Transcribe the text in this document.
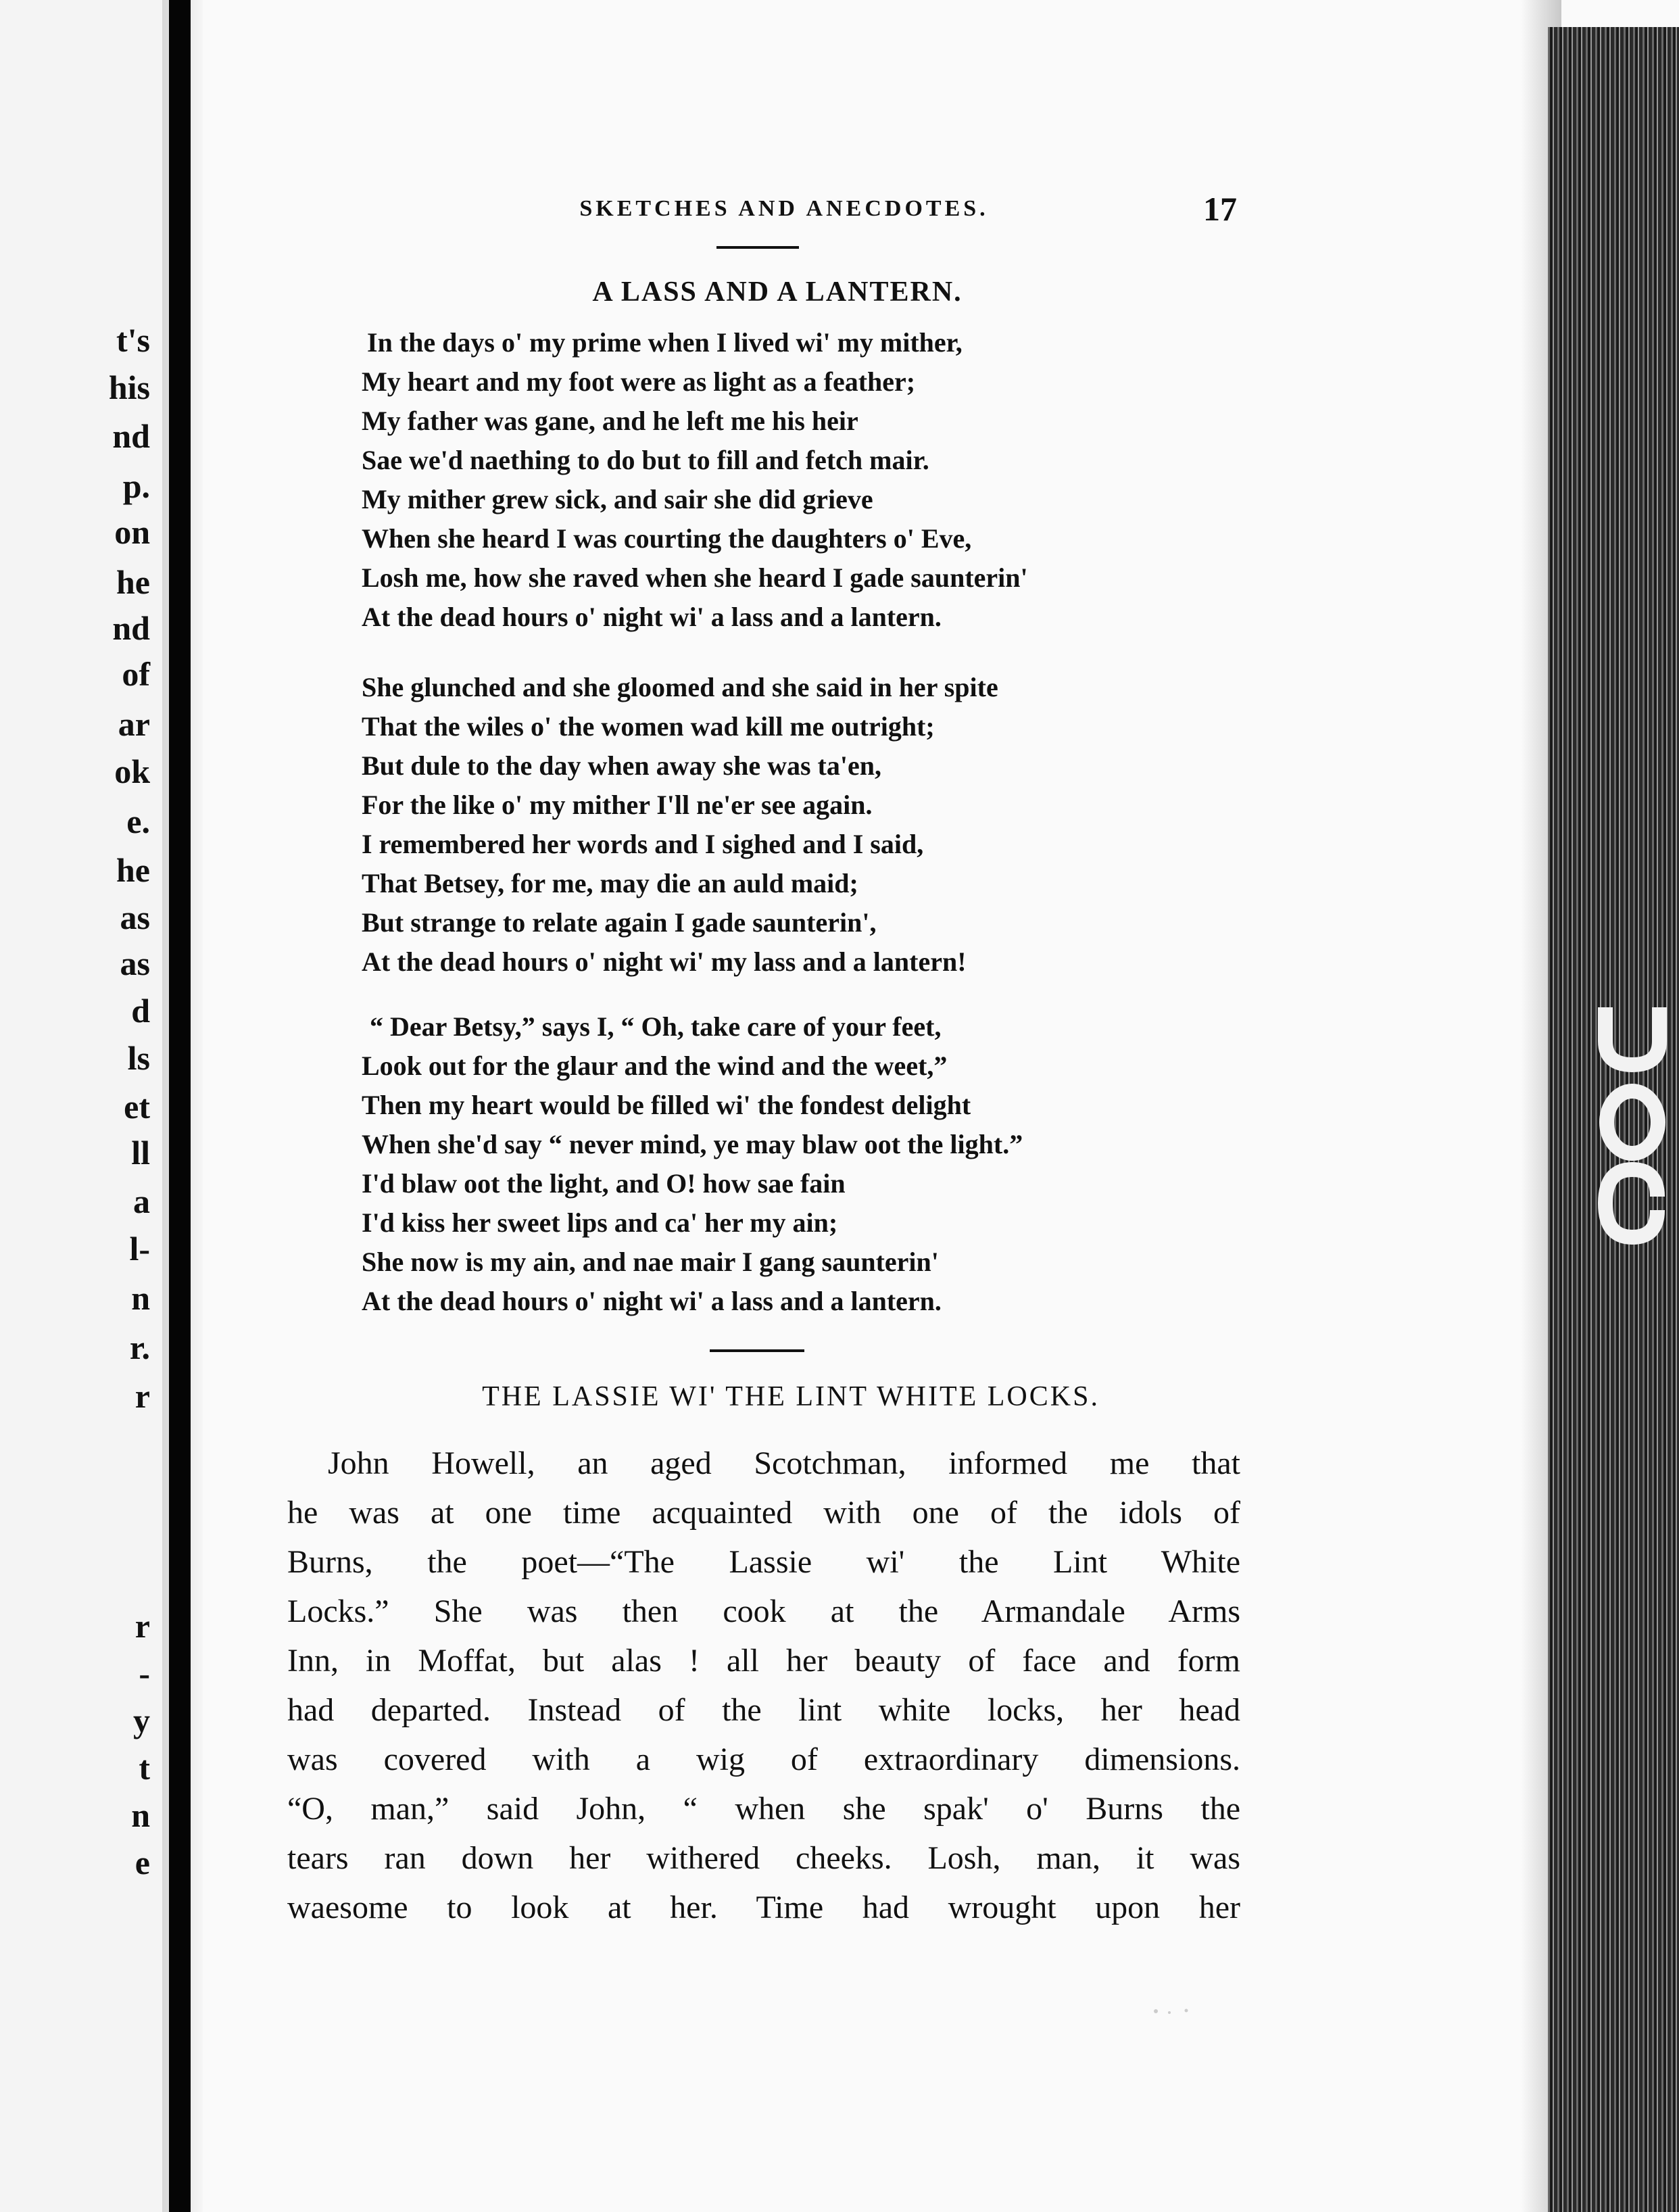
t's
his
nd
p.
on
he
nd
of
ar
ok
e.
he
as
as
d
ls
et
ll
a
l-
n
r.
r
r
-
y
t
n
e
SKETCHES AND ANECDOTES.	17
A LASS AND A LANTERN.
In the days o' my prime when I lived wi' my mither,
My heart and my foot were as light as a feather;
My father was gane, and he left me his heir
Sae we'd naething to do but to fill and fetch mair.
My mither grew sick, and sair she did grieve
When she heard I was courting the daughters o' Eve,
Losh me, how she raved when she heard I gade saunterin'
At the dead hours o' night wi' a lass and a lantern.
She glunched and she gloomed and she said in her spite
That the wiles o' the women wad kill me outright;
But dule to the day when away she was ta'en,
For the like o' my mither I'll ne'er see again.
I remembered her words and I sighed and I said,
That Betsey, for me, may die an auld maid;
But strange to relate again I gade saunterin',
At the dead hours o' night wi' my lass and a lantern!
“ Dear Betsy,” says I, “ Oh, take care of your feet,
Look out for the glaur and the wind and the weet,”
Then my heart would be filled wi' the fondest delight
When she'd say “ never mind, ye may blaw oot the light.”
I'd blaw oot the light, and O! how sae fain
I'd kiss her sweet lips and ca' her my ain;
She now is my ain, and nae mair I gang saunterin'
At the dead hours o' night wi' a lass and a lantern.
THE LASSIE WI' THE LINT WHITE LOCKS.
John Howell, an aged Scotchman, informed me that
he was at one time acquainted with one of the idols of
Burns, the poet—“The Lassie wi' the Lint White
Locks.” She was then cook at the Armandale Arms
Inn, in Moffat, but alas ! all her beauty of face and form
had departed. Instead of the lint white locks, her head
was covered with a wig of extraordinary dimensions.
“O, man,” said John, “ when she spak' o' Burns the
tears ran down her withered cheeks. Losh, man, it was
waesome to look at her. Time had wrought upon her
